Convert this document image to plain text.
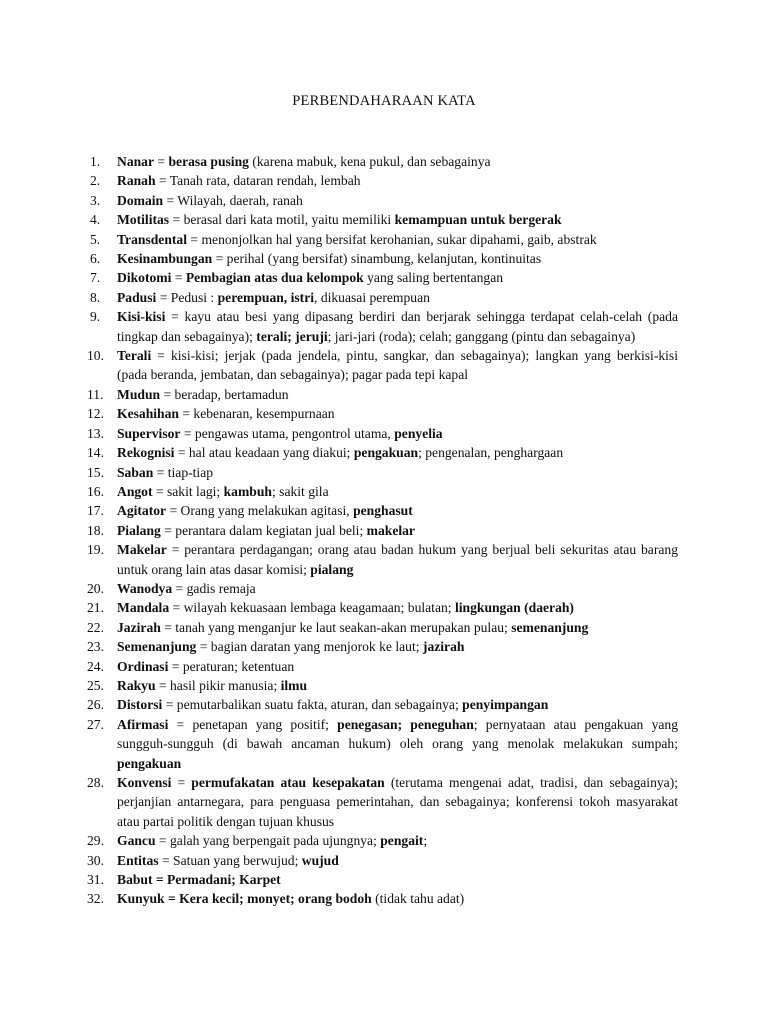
PERBENDAHARAAN KATA
1. Nanar = berasa pusing (karena mabuk, kena pukul, dan sebagainya
2. Ranah = Tanah rata, dataran rendah, lembah
3. Domain = Wilayah, daerah, ranah
4. Motilitas = berasal dari kata motil, yaitu memiliki kemampuan untuk bergerak
5. Transdental = menonjolkan hal yang bersifat kerohanian, sukar dipahami, gaib, abstrak
6. Kesinambungan = perihal (yang bersifat) sinambung, kelanjutan, kontinuitas
7. Dikotomi = Pembagian atas dua kelompok yang saling bertentangan
8. Padusi = Pedusi : perempuan, istri, dikuasai perempuan
9. Kisi-kisi = kayu atau besi yang dipasang berdiri dan berjarak sehingga terdapat celah-celah (pada tingkap dan sebagainya); terali; jeruji; jari-jari (roda); celah; ganggang (pintu dan sebagainya)
10. Terali = kisi-kisi; jerjak (pada jendela, pintu, sangkar, dan sebagainya); langkan yang berkisi-kisi (pada beranda, jembatan, dan sebagainya); pagar pada tepi kapal
11. Mudun = beradap, bertamadun
12. Kesahihan = kebenaran, kesempurnaan
13. Supervisor = pengawas utama, pengontrol utama, penyelia
14. Rekognisi = hal atau keadaan yang diakui; pengakuan; pengenalan, penghargaan
15. Saban = tiap-tiap
16. Angot = sakit lagi; kambuh; sakit gila
17. Agitator = Orang yang melakukan agitasi, penghasut
18. Pialang = perantara dalam kegiatan jual beli; makelar
19. Makelar = perantara perdagangan; orang atau badan hukum yang berjual beli sekuritas atau barang untuk orang lain atas dasar komisi; pialang
20. Wanodya = gadis remaja
21. Mandala = wilayah kekuasaan lembaga keagamaan; bulatan; lingkungan (daerah)
22. Jazirah = tanah yang menganjur ke laut seakan-akan merupakan pulau; semenanjung
23. Semenanjung = bagian daratan yang menjorok ke laut; jazirah
24. Ordinasi = peraturan; ketentuan
25. Rakyu = hasil pikir manusia; ilmu
26. Distorsi = pemutarbalikan suatu fakta, aturan, dan sebagainya; penyimpangan
27. Afirmasi = penetapan yang positif; penegasan; peneguhan; pernyataan atau pengakuan yang sungguh-sungguh (di bawah ancaman hukum) oleh orang yang menolak melakukan sumpah; pengakuan
28. Konvensi = permufakatan atau kesepakatan (terutama mengenai adat, tradisi, dan sebagainya); perjanjian antarnegara, para penguasa pemerintahan, dan sebagainya; konferensi tokoh masyarakat atau partai politik dengan tujuan khusus
29. Gancu = galah yang berpengait pada ujungnya; pengait;
30. Entitas = Satuan yang berwujud; wujud
31. Babut = Permadani; Karpet
32. Kunyuk = Kera kecil; monyet; orang bodoh (tidak tahu adat)
